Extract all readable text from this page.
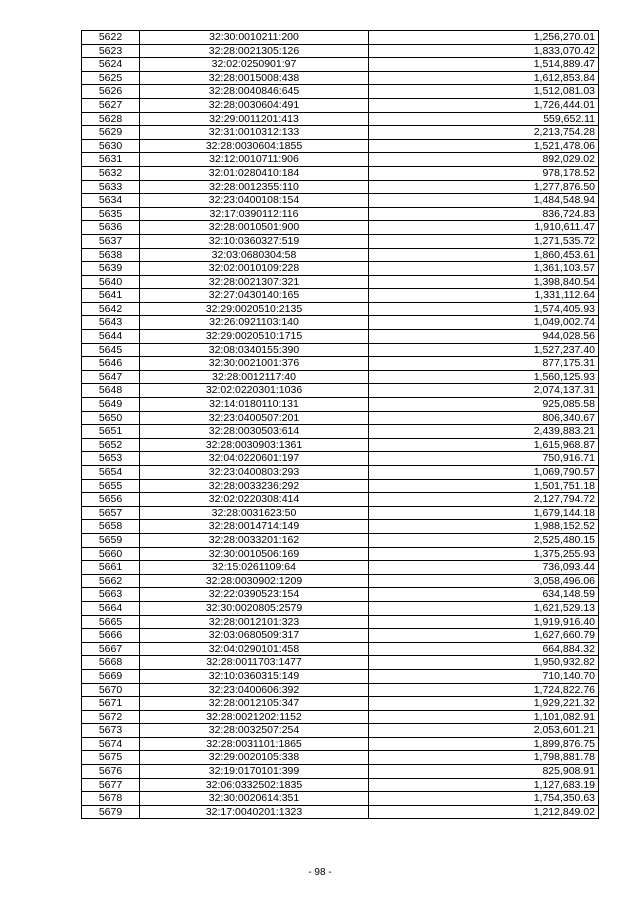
5622	32:30:0010211:200	1,256,270.01
5623	32:28:0021305:126	1,833,070.42
5624	32:02:0250901:97	1,514,889.47
5625	32:28:0015008:438	1,612,853.84
5626	32:28:0040846:645	1,512,081.03
5627	32:28:0030604:491	1,726,444.01
5628	32:29:0011201:413	559,652.11
5629	32:31:0010312:133	2,213,754.28
5630	32:28:0030604:1855	1,521,478.06
5631	32:12:0010711:906	892,029.02
5632	32:01:0280410:184	978,178.52
5633	32:28:0012355:110	1,277,876.50
5634	32:23:0400108:154	1,484,548.94
5635	32:17:0390112:116	836,724.83
5636	32:28:0010501:900	1,910,611.47
5637	32:10:0360327:519	1,271,535.72
5638	32:03:0680304:58	1,860,453.61
5639	32:02:0010109:228	1,361,103.57
5640	32:28:0021307:321	1,398,840.54
5641	32:27:0430140:165	1,331,112.64
5642	32:29:0020510:2135	1,574,405.93
5643	32:26:0921103:140	1,049,002.74
5644	32:29:0020510:1715	944,028.56
5645	32:08:0340155:390	1,527,237.40
5646	32:30:0021001:376	877,175.31
5647	32:28:0012117:40	1,560,125.93
5648	32:02:0220301:1036	2,074,137.31
5649	32:14:0180110:131	925,085.58
5650	32:23:0400507:201	806,340.67
5651	32:28:0030503:614	2,439,883.21
5652	32:28:0030903:1361	1,615,968.87
5653	32:04:0220601:197	750,916.71
5654	32:23:0400803:293	1,069,790.57
5655	32:28:0033236:292	1,501,751.18
5656	32:02:0220308:414	2,127,794.72
5657	32:28:0031623:50	1,679,144.18
5658	32:28:0014714:149	1,988,152.52
5659	32:28:0033201:162	2,525,480.15
5660	32:30:0010506:169	1,375,255.93
5661	32:15:0261109:64	736,093.44
5662	32:28:0030902:1209	3,058,496.06
5663	32:22:0390523:154	634,148.59
5664	32:30:0020805:2579	1,621,529.13
5665	32:28:0012101:323	1,919,916.40
5666	32:03:0680509:317	1,627,660.79
5667	32:04:0290101:458	664,884.32
5668	32:28:0011703:1477	1,950,932.82
5669	32:10:0360315:149	710,140.70
5670	32:23:0400606:392	1,724,822.76
5671	32:28:0012105:347	1,929,221.32
5672	32:28:0021202:1152	1,101,082.91
5673	32:28:0032507:254	2,053,601.21
5674	32:28:0031101:1865	1,899,876.75
5675	32:29:0020105:338	1,798,881.78
5676	32:19:0170101:399	825,908.91
5677	32:06:0332502:1835	1,127,683.19
5678	32:30:0020614:351	1,754,350.63
5679	32:17:0040201:1323	1,212,849.02
- 98 -
